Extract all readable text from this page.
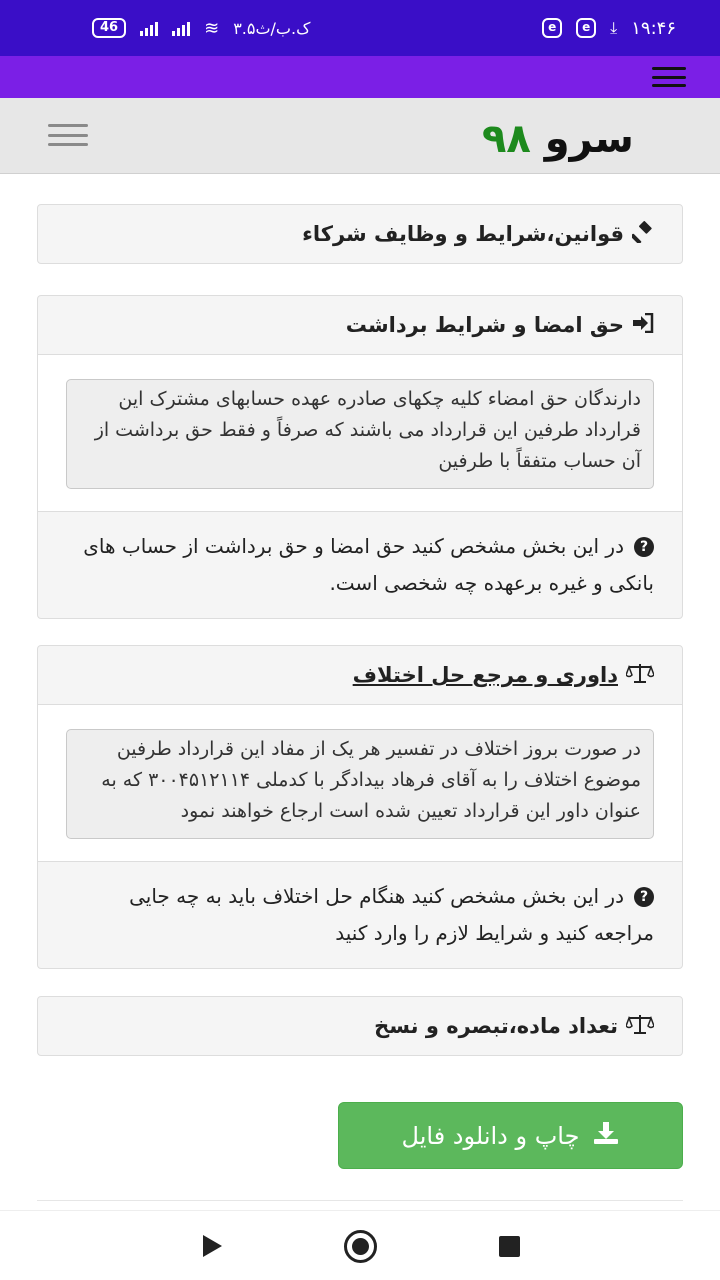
46	≋ ۳.۵ک.ب/ث	e	e	⤓ ۱۹:۴۶
سرو ۹۸
قوانین،شرایط و وظایف شرکاء
حق امضا و شرایط برداشت
دارندگان حق امضاء کلیه چکهای صادره عهده حسابهای مشترک این قرارداد طرفین این قرارداد می باشند که صرفاً و فقط حق برداشت از آن حساب متفقاً با طرفین
?در این بخش مشخص کنید حق امضا و حق برداشت از حساب های بانکی و غیره برعهده چه شخصی است.
داوری و مرجع حل اختلاف
در صورت بروز اختلاف در تفسیر هر یک از مفاد این قرارداد طرفین موضوع اختلاف را به آقای فرهاد بیدادگر با کدملی ۳۰۰۴۵۱۲۱۱۴ که به عنوان داور این قرارداد تعیین شده است ارجاع خواهند نمود
?در این بخش مشخص کنید هنگام حل اختلاف باید به چه جایی مراجعه کنید و شرایط لازم را وارد کنید
تعداد ماده،تبصره و نسخ
چاپ و دانلود فایل
